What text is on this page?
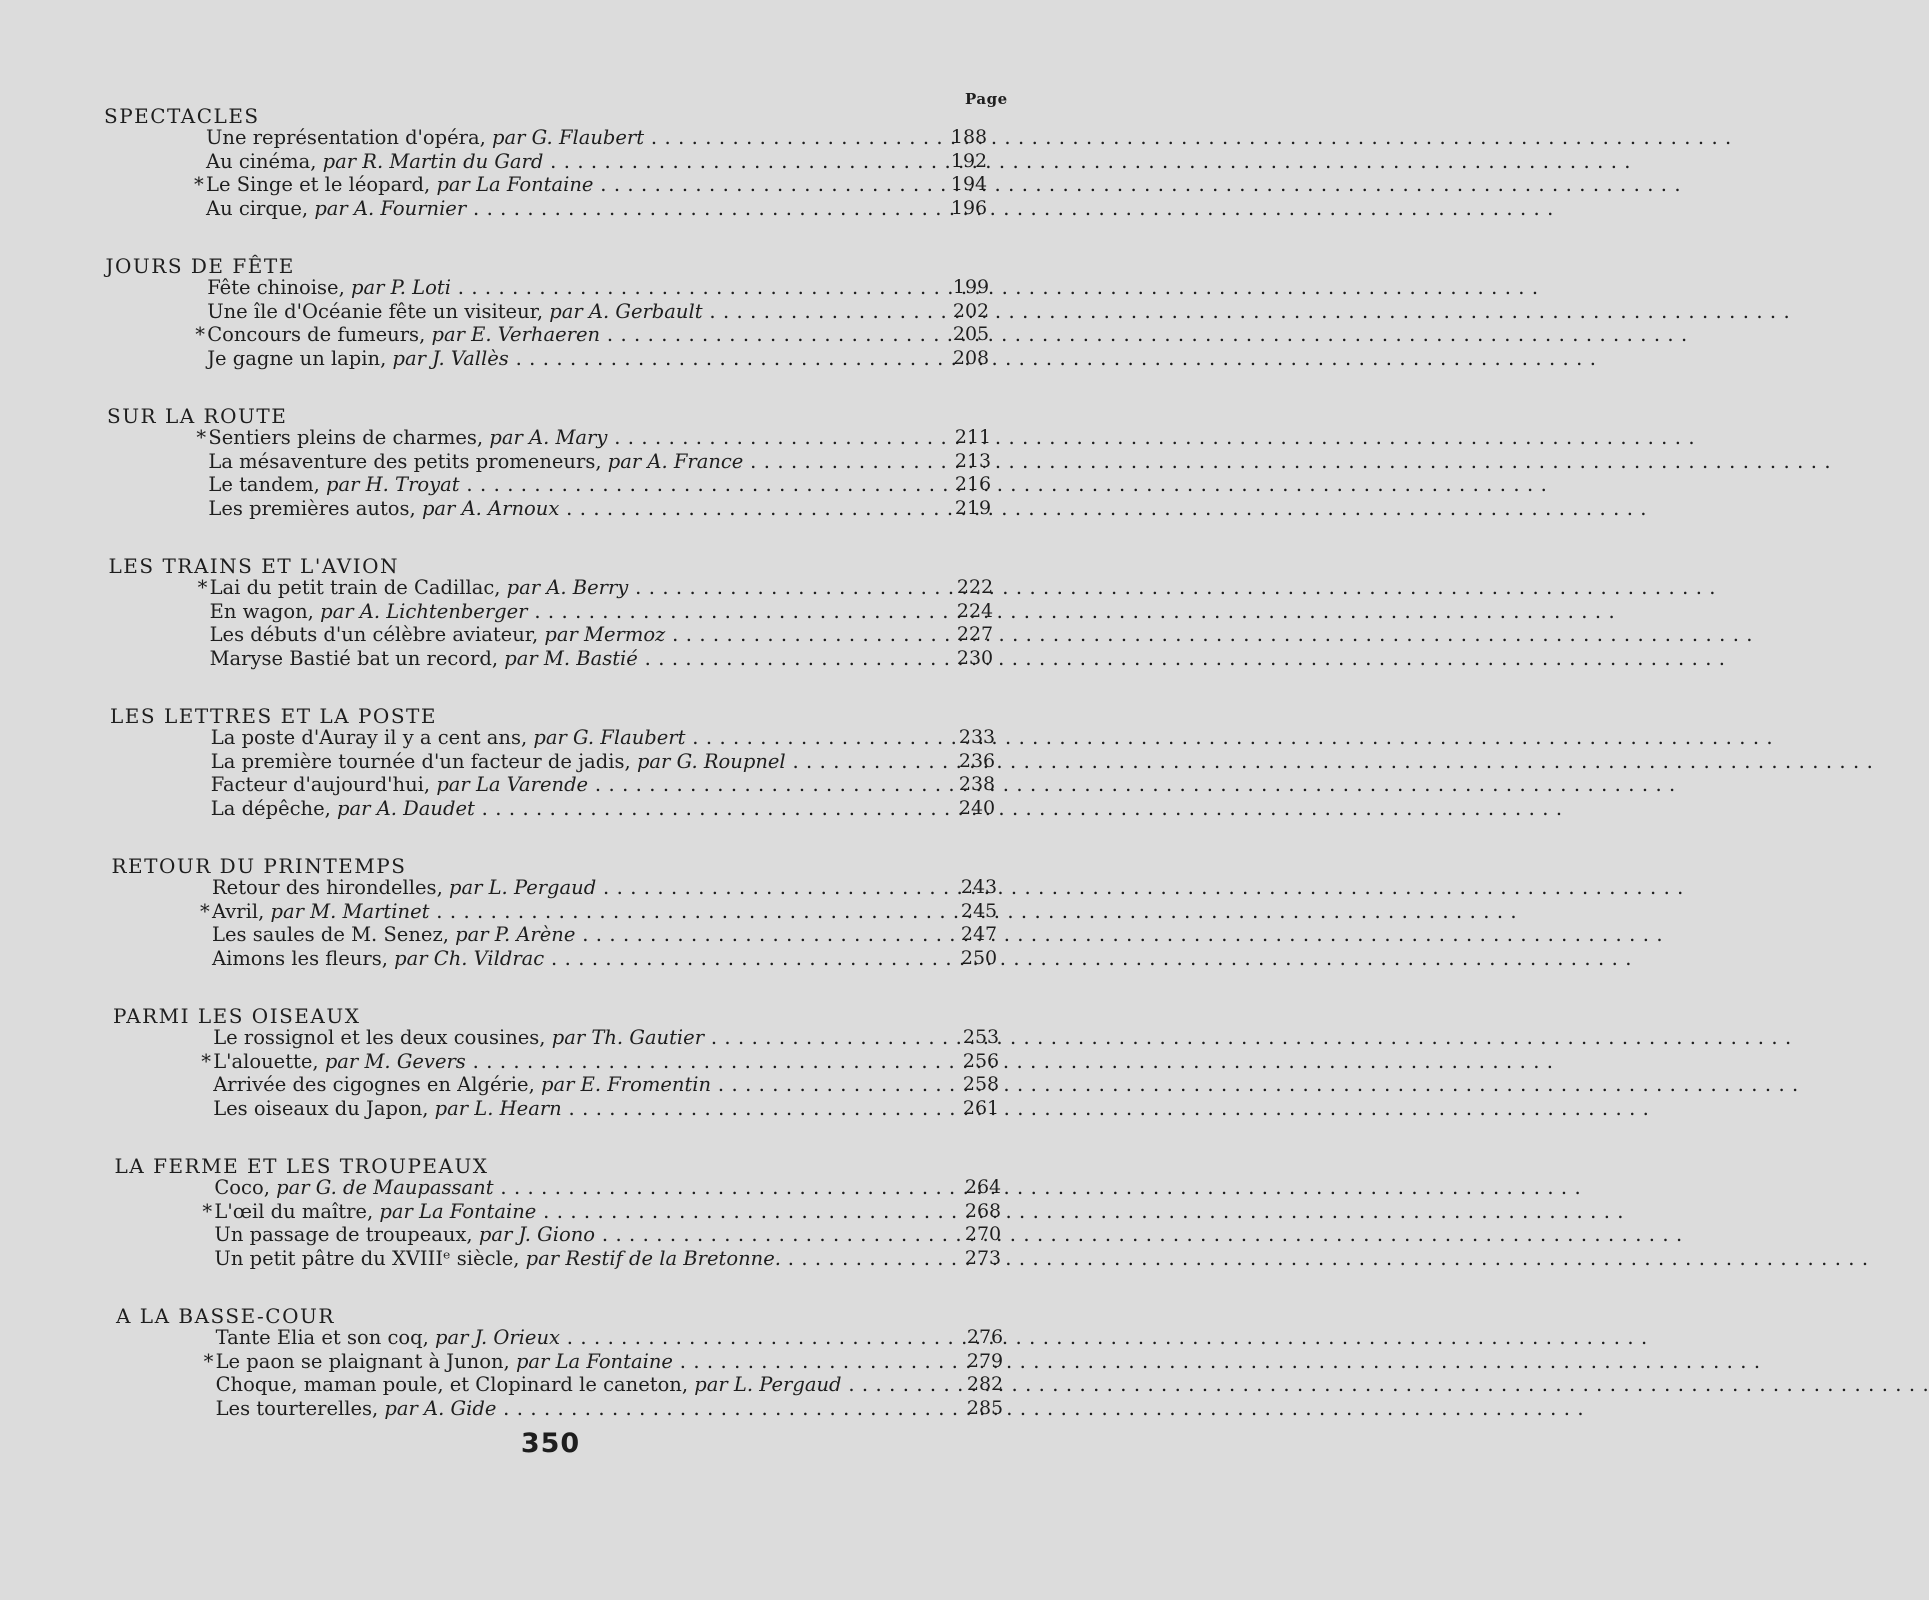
Page
SPECTACLES
Une représentation d'opéra, par G. Flaubert . . .	188
Au cinéma, par R. Martin du Gard . . .	192
* Le Singe et le léopard, par La Fontaine . . .	194
Au cirque, par A. Fournier . . .	196
JOURS DE FÊTE
Fête chinoise, par P. Loti . . .	199
Une île d'Océanie fête un visiteur, par A. Gerbault . . .	202
* Concours de fumeurs, par E. Verhaeren . . .	205
Je gagne un lapin, par J. Vallès . . .	208
SUR LA ROUTE
* Sentiers pleins de charmes, par A. Mary . . .	211
La mésaventure des petits promeneurs, par A. France . . .	213
Le tandem, par H. Troyat . . .	216
Les premières autos, par A. Arnoux . . .	219
LES TRAINS ET L'AVION
* Lai du petit train de Cadillac, par A. Berry . . .	222
En wagon, par A. Lichtenberger . . .	224
Les débuts d'un célèbre aviateur, par Mermoz . . .	227
Maryse Bastié bat un record, par M. Bastié . . .	230
LES LETTRES ET LA POSTE
La poste d'Auray il y a cent ans, par G. Flaubert . . .	233
La première tournée d'un facteur de jadis, par G. Roupnel . . .	236
Facteur d'aujourd'hui, par La Varende . . .	238
La dépêche, par A. Daudet . . .	240
RETOUR DU PRINTEMPS
Retour des hirondelles, par L. Pergaud . . .	243
* Avril, par M. Martinet . . .	245
Les saules de M. Senez, par P. Arène . . .	247
Aimons les fleurs, par Ch. Vildrac . . .	250
PARMI LES OISEAUX
Le rossignol et les deux cousines, par Th. Gautier . . .	253
* L'alouette, par M. Gevers . . .	256
Arrivée des cigognes en Algérie, par E. Fromentin . . .	258
Les oiseaux du Japon, par L. Hearn . . .	261
LA FERME ET LES TROUPEAUX
Coco, par G. de Maupassant . . .	264
* L'œil du maître, par La Fontaine . . .	268
Un passage de troupeaux, par J. Giono . . .	270
Un petit pâtre du XVIIIᵉ siècle, par Restif de la Bretonne. . . .	273
A LA BASSE-COUR
Tante Elia et son coq, par J. Orieux . . .	276
* Le paon se plaignant à Junon, par La Fontaine . . .	279
Choque, maman poule, et Clopinard le caneton, par L. Pergaud . . .	282
Les tourterelles, par A. Gide . . .	285
350
